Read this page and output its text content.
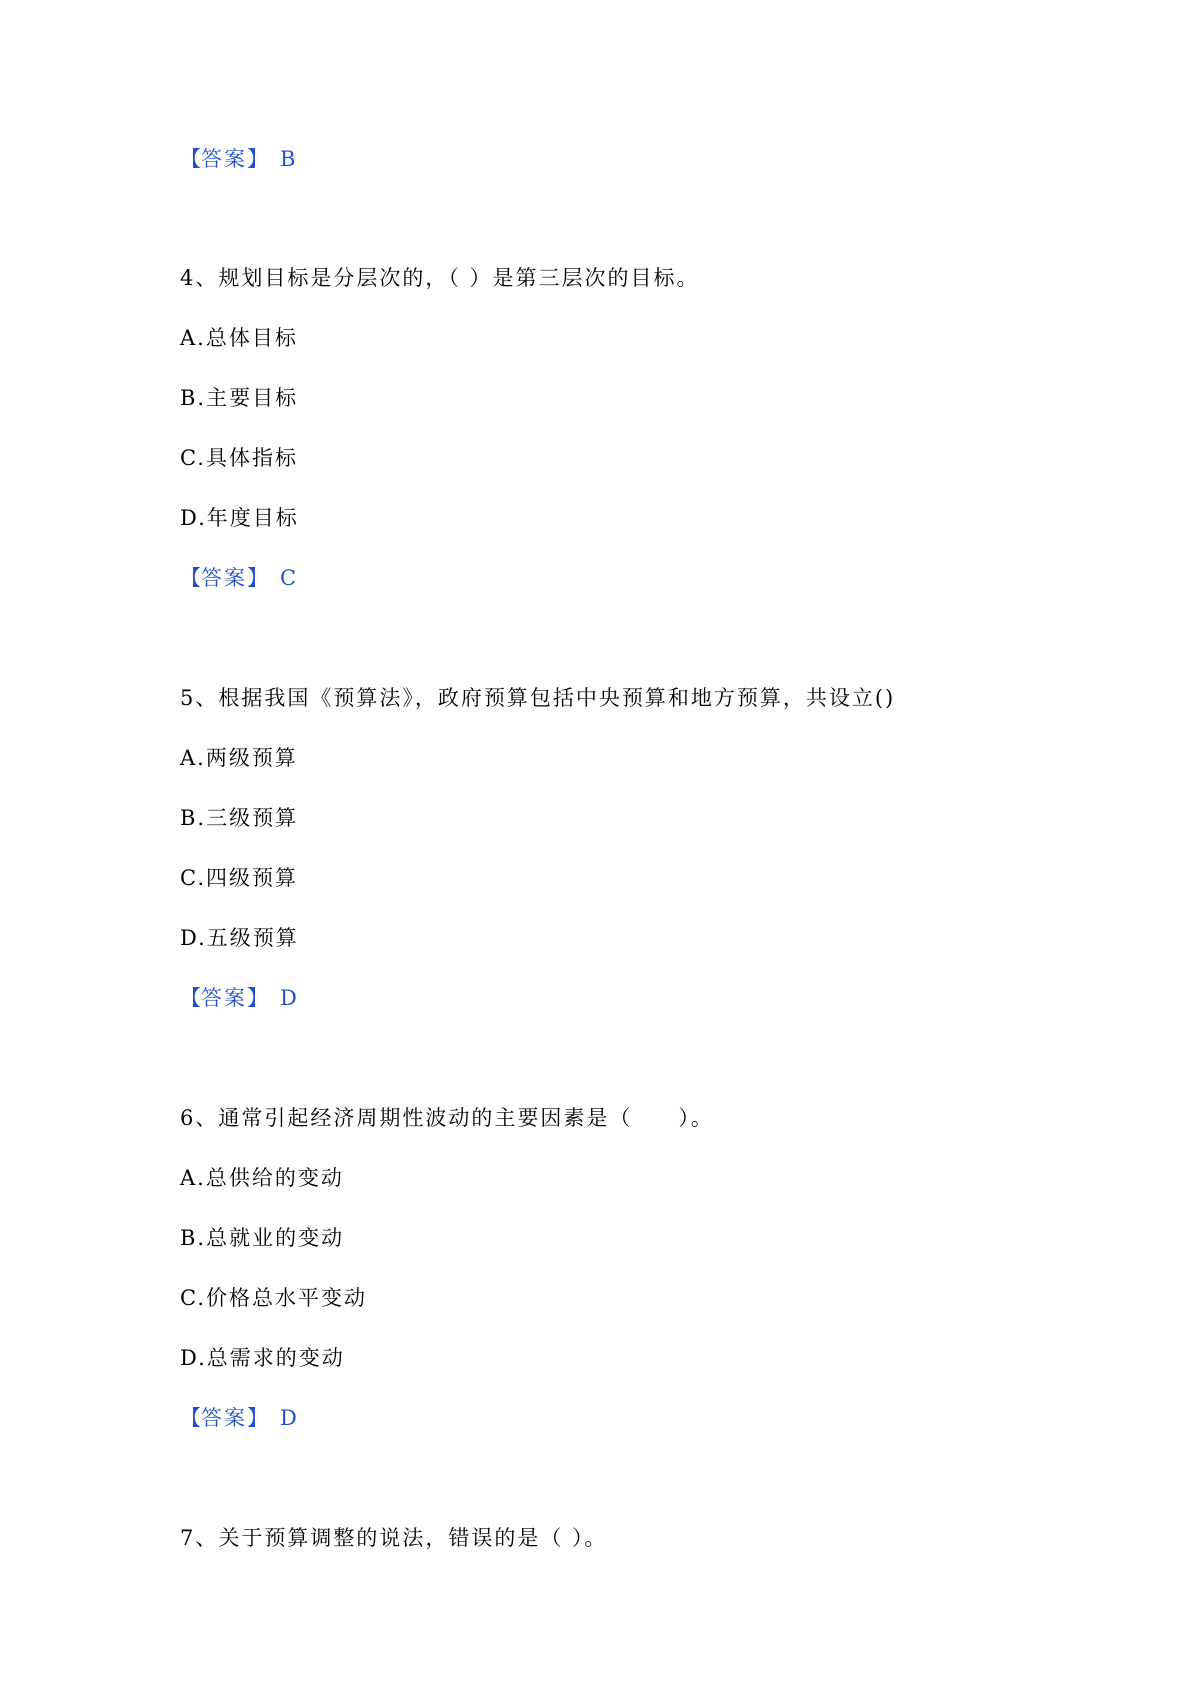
【答案】 B
4、规划目标是分层次的，（ ）是第三层次的目标。
A.总体目标
B.主要目标
C.具体指标
D.年度目标
【答案】 C
5、根据我国《预算法》，政府预算包括中央预算和地方预算，共设立()
A.两级预算
B.三级预算
C.四级预算
D.五级预算
【答案】 D
6、通常引起经济周期性波动的主要因素是（　　）。
A.总供给的变动
B.总就业的变动
C.价格总水平变动
D.总需求的变动
【答案】 D
7、关于预算调整的说法，错误的是（ ）。
